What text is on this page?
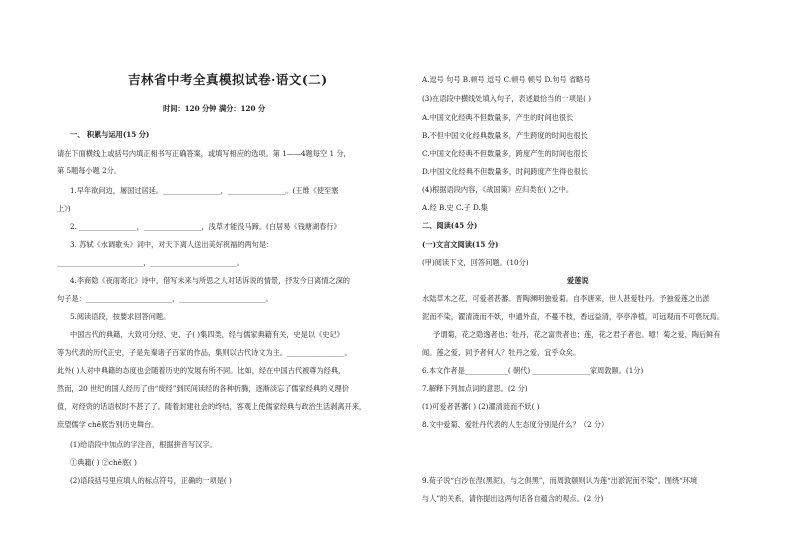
吉林省中考全真模拟试卷·语文(二)
时间：120 分钟 满分：120 分
一、 积累与运用(15 分)
请在下面横线上或括号内填正相书写正确答案，或填写相应的选项。第 1——4题每空 1 分，
第 5题每小题 2分。
1.早年欲问边，屠国过居延。________________，________________。(王维《使至塞
上》)
2. ________________，________________，浅草才能没马蹄。(白居易《钱塘湖春行》
3. 苏轼《水调歌头》词中，对天下离人送出美好祝福的两句是：
________________________，________________________。
4.李商隐《夜雨寄北》诗中，借写未来与所思之人对话诉说的情景，抒发今日离情之深的
句子是：________________________，________________________。
5.阅读语段，按要求回答问题。
中国古代的典籍，大致可分经、史、子( )集四类，经与儒家典籍有关，史是以《史记》
等为代表的历代正史，子是先秦诸子百家的作品，集则以古代诗文为主。________________。
此外( )人对中典籍的态度也会随着历史的发展有所不同。比如，经在中国古代被尊为经典，
然而，20 世纪的国人经历了由“废经”到民间读经的各种折腾，逐渐淡忘了儒家经典的义理价
值，对经资的话语权时不甚了了。随着封建社会的终结，客观上使儒家经典与政治生活剥离开来，
庶望儒学 chě底告别历史舞台。
(1)给语段中加点的字注音，根据拼音写汉字。
①典籍( ) ②chě底( )
(2)语段括号里应填人的标点符号，正确的一项是( )
A.逗号 句号 B.顿号 逗号 C.顿号 顿号 D.句号 省略号
(3)在语段中横线处填入句子，表述最恰当的一项是( )
A.中国文化经典不但数量多，产生的时间也很长
B.不但中国文化经典数量多，产生跨度的时间也很长
C.中国文化经典不但数量多，跨度产生的时间也很长
D.中国文化经典不但数量多，时间跨度产生得也很长
(4)根据语段内容，《战国策》应归类在( )之中。
A.经 B.史 C.子 D.集
二、阅读(45 分)
(一)文言文阅读(15 分)
(甲)阅读下文，回答问题。(10分)
爱莲说
水陆草木之花，可爱者甚蕃。晋陶渊明独爱菊。自李唐来，世人甚爱牡丹。予独爱莲之出淤
泥而不染，濯清涟而不妖，中通外直，不蔓不枝，香远益清，亭亭净植，可远观而不可亵玩焉。
予谓菊，花之隐逸者也；牡丹，花之富贵者也；莲，花之君子者也。噫！菊之爱，陶后鲜有
闻。莲之爱，同予者何人？牡丹之爱，宜乎众矣。
6.本文作者是____________( 朝代) ________________家周敦颐。(1分)
7.解释下列加点词的意思。(2 分)
(1)可爱者甚蕃( ) (2)濯清涟而不妖( )
8.文中爱菊、爱牡丹代表的人生态度分别是什么？（2 分）
9.荀子说“白沙在涅(黑泥)，与之俱黑”，而周敦颐则认为莲“出淤泥而不染”。围绕“环境
与人”的关系，请你提出这两句话各自蕴含的观点。(2 分)
